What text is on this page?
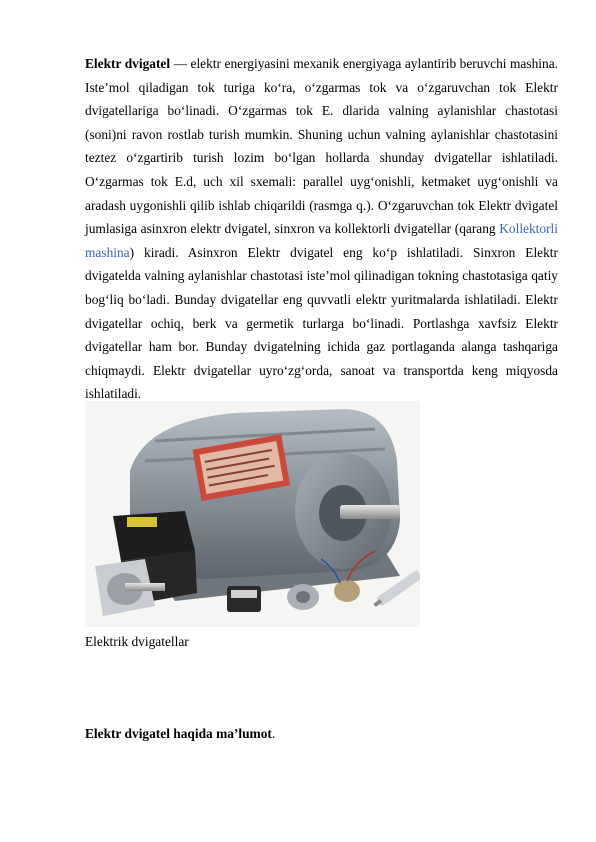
Elektr dvigatel — elektr energiyasini mexanik energiyaga aylantirib beruvchi mashina. Iste’mol qiladigan tok turiga ko‘ra, o‘zgarmas tok va o‘zgaruvchan tok Elektr dvigatellariga bo‘linadi. O‘zgarmas tok E. dlarida valning aylanishlar chastotasi (soni)ni ravon rostlab turish mumkin. Shuning uchun valning aylanishlar chastotasini teztez o‘zgartirib turish lozim bo‘lgan hollarda shunday dvigatellar ishlatiladi. O‘zgarmas tok E.d, uch xil sxemali: parallel uyg‘onishli, ketmaket uyg‘onishli va aradash uygonishli qilib ishlab chiqarildi (rasmga q.). O‘zgaruvchan tok Elektr dvigatel jumlasiga asinxron elektr dvigatel, sinxron va kollektorli dvigatellar (qarang Kollektorli mashina) kiradi. Asinxron Elektr dvigatel eng ko‘p ishlatiladi. Sinxron Elektr dvigatelda valning aylanishlar chastotasi iste’mol qilinadigan tokning chastotasiga qatiy bog‘liq bo‘ladi. Bunday dvigatellar eng quvvatli elektr yuritmalarda ishlatiladi. Elektr dvigatellar ochiq, berk va germetik turlarga bo‘linadi. Portlashga xavfsiz Elektr dvigatellar ham bor. Bunday dvigatelning ichida gaz portlaganda alanga tashqariga chiqmaydi. Elektr dvigatellar uyro‘zg‘orda, sanoat va transportda keng miqyosda ishlatiladi.

Elektrik dvigatellar
Elektr dvigatel haqida ma’lumot.
